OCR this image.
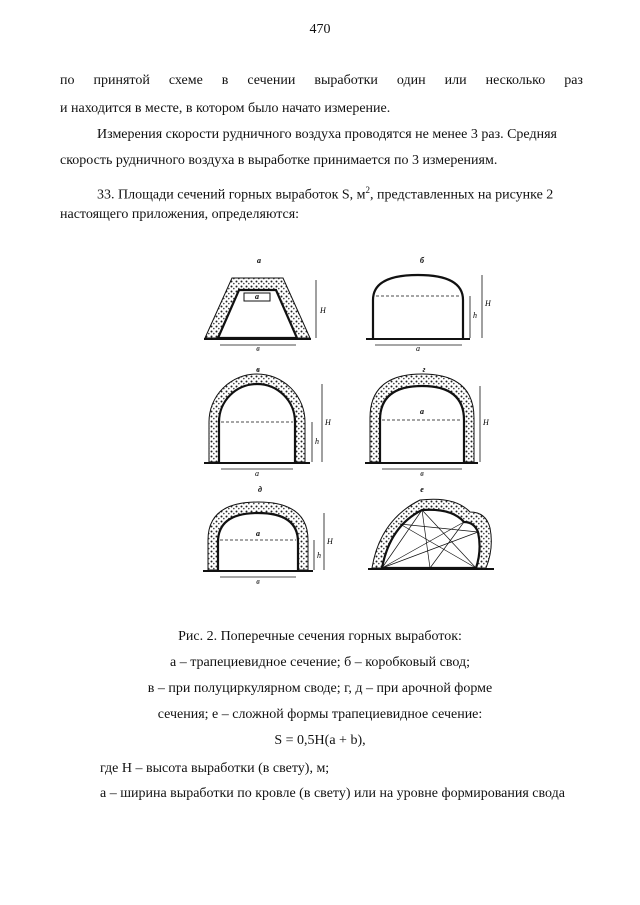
470
по принятой схеме в сечении выработки один или несколько раз
и находится в месте, в котором было начато измерение.
Измерения скорости рудничного воздуха проводятся не менее 3 раз. Средняя
скорость рудничного воздуха в выработке принимается по 3 измерениям.
33. Площади сечений горных выработок S, $м^2$, представленных на рисунке 2
настоящего приложения, определяются:
a
в
H
а
a
h
H
б
a
h
H
в
a
в
H
г
a
в
h
H
д	е
Рис. 2. Поперечные сечения горных выработок:
а – трапециевидное сечение; б – коробковый свод;
в – при полуциркулярном своде; г, д – при арочной форме
сечения; е – сложной формы трапециевидное сечение:
S = 0,5H(a + b),
где H – высота выработки (в свету), м;
а – ширина выработки по кровле (в свету) или на уровне формирования свода
